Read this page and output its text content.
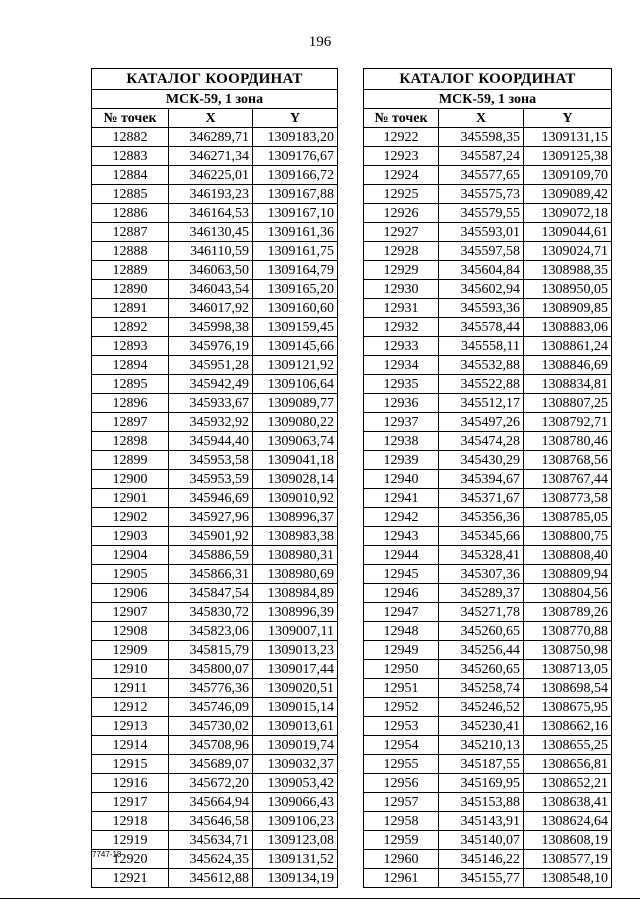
196
КАТАЛОГ КООРДИНАТ		
МСК-59, 1 зона		
№ точек	X	Y
12882	346289,71	1309183,20
12883	346271,34	1309176,67
12884	346225,01	1309166,72
12885	346193,23	1309167,88
12886	346164,53	1309167,10
12887	346130,45	1309161,36
12888	346110,59	1309161,75
12889	346063,50	1309164,79
12890	346043,54	1309165,20
12891	346017,92	1309160,60
12892	345998,38	1309159,45
12893	345976,19	1309145,66
12894	345951,28	1309121,92
12895	345942,49	1309106,64
12896	345933,67	1309089,77
12897	345932,92	1309080,22
12898	345944,40	1309063,74
12899	345953,58	1309041,18
12900	345953,59	1309028,14
12901	345946,69	1309010,92
12902	345927,96	1308996,37
12903	345901,92	1308983,38
12904	345886,59	1308980,31
12905	345866,31	1308980,69
12906	345847,54	1308984,89
12907	345830,72	1308996,39
12908	345823,06	1309007,11
12909	345815,79	1309013,23
12910	345800,07	1309017,44
12911	345776,36	1309020,51
12912	345746,09	1309015,14
12913	345730,02	1309013,61
12914	345708,96	1309019,74
12915	345689,07	1309032,37
12916	345672,20	1309053,42
12917	345664,94	1309066,43
12918	345646,58	1309106,23
12919	345634,71	1309123,08
12920	345624,35	1309131,52
12921	345612,88	1309134,19
КАТАЛОГ КООРДИНАТ		
МСК-59, 1 зона		
№ точек	X	Y
12922	345598,35	1309131,15
12923	345587,24	1309125,38
12924	345577,65	1309109,70
12925	345575,73	1309089,42
12926	345579,55	1309072,18
12927	345593,01	1309044,61
12928	345597,58	1309024,71
12929	345604,84	1308988,35
12930	345602,94	1308950,05
12931	345593,36	1308909,85
12932	345578,44	1308883,06
12933	345558,11	1308861,24
12934	345532,88	1308846,69
12935	345522,88	1308834,81
12936	345512,17	1308807,25
12937	345497,26	1308792,71
12938	345474,28	1308780,46
12939	345430,29	1308768,56
12940	345394,67	1308767,44
12941	345371,67	1308773,58
12942	345356,36	1308785,05
12943	345345,66	1308800,75
12944	345328,41	1308808,40
12945	345307,36	1308809,94
12946	345289,37	1308804,56
12947	345271,78	1308789,26
12948	345260,65	1308770,88
12949	345256,44	1308750,98
12950	345260,65	1308713,05
12951	345258,74	1308698,54
12952	345246,52	1308675,95
12953	345230,41	1308662,16
12954	345210,13	1308655,25
12955	345187,55	1308656,81
12956	345169,95	1308652,21
12957	345153,88	1308638,41
12958	345143,91	1308624,64
12959	345140,07	1308608,19
12960	345146,22	1308577,19
12961	345155,77	1308548,10
7747-18
